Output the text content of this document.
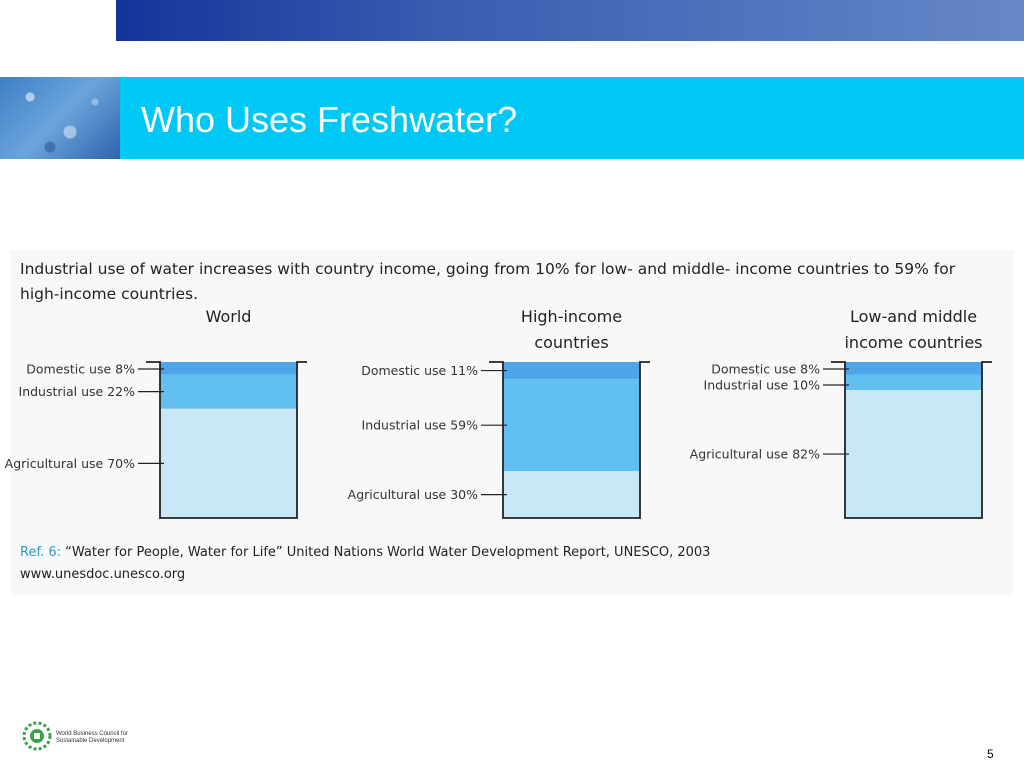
Who Uses Freshwater?
Industrial use of water increases with country income, going from 10% for low- and middle- income countries to 59% for
high-income countries.
World
Domestic use 8%
Industrial use 22%
Agricultural use 70%
High-income
countries
Domestic use 11%
Industrial use 59%
Agricultural use 30%
Low-and middle
income countries
Domestic use 8%
Industrial use 10%
Agricultural use 82%
Ref. 6: “Water for People, Water for Life” United Nations World Water Development Report, UNESCO, 2003
www.unesdoc.unesco.org
World Business Council for
Sustainable Development
5
